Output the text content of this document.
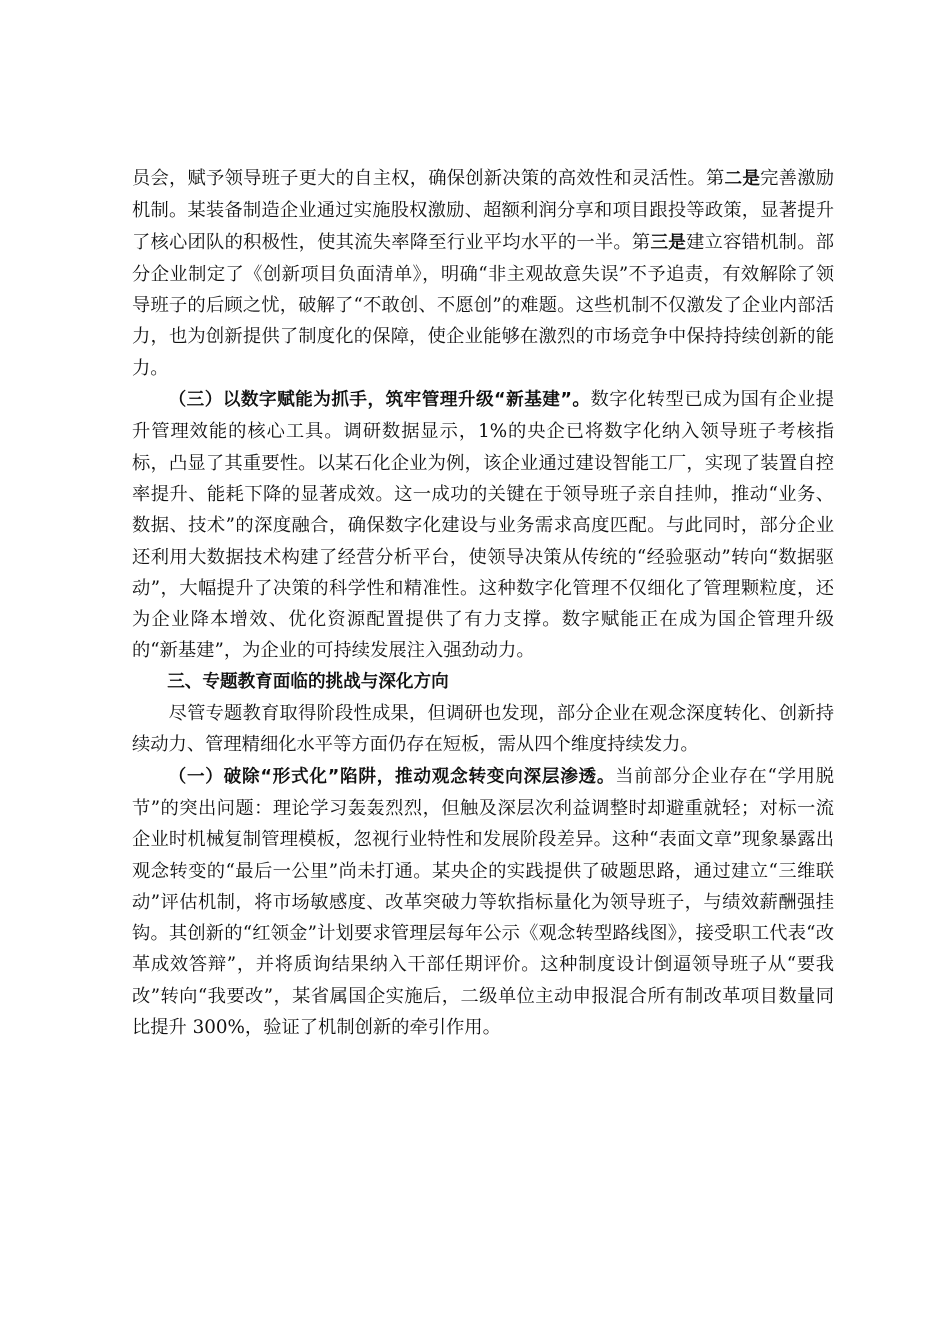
员会，赋予领导班子更大的自主权，确保创新决策的高效性和灵活性。第二是完善激励机制。某装备制造企业通过实施股权激励、超额利润分享和项目跟投等政策，显著提升了核心团队的积极性，使其流失率降至行业平均水平的一半。第三是建立容错机制。部分企业制定了《创新项目负面清单》，明确“非主观故意失误”不予追责，有效解除了领导班子的后顾之忧，破解了“不敢创、不愿创”的难题。这些机制不仅激发了企业内部活力，也为创新提供了制度化的保障，使企业能够在激烈的市场竞争中保持持续创新的能力。

（三）以数字赋能为抓手，筑牢管理升级“新基建”。数字化转型已成为国有企业提升管理效能的核心工具。调研数据显示，1%的央企已将数字化纳入领导班子考核指标，凸显了其重要性。以某石化企业为例，该企业通过建设智能工厂，实现了装置自控率提升、能耗下降的显著成效。这一成功的关键在于领导班子亲自挂帅，推动“业务、数据、技术”的深度融合，确保数字化建设与业务需求高度匹配。与此同时，部分企业还利用大数据技术构建了经营分析平台，使领导决策从传统的“经验驱动”转向“数据驱动”，大幅提升了决策的科学性和精准性。这种数字化管理不仅细化了管理颗粒度，还为企业降本增效、优化资源配置提供了有力支撑。数字赋能正在成为国企管理升级的“新基建”，为企业的可持续发展注入强劲动力。

三、专题教育面临的挑战与深化方向

尽管专题教育取得阶段性成果，但调研也发现，部分企业在观念深度转化、创新持续动力、管理精细化水平等方面仍存在短板，需从四个维度持续发力。

（一）破除“形式化”陷阱，推动观念转变向深层渗透。当前部分企业存在“学用脱节”的突出问题：理论学习轰轰烈烈，但触及深层次利益调整时却避重就轻；对标一流企业时机械复制管理模板，忽视行业特性和发展阶段差异。这种“表面文章”现象暴露出观念转变的“最后一公里”尚未打通。某央企的实践提供了破题思路，通过建立“三维联动”评估机制，将市场敏感度、改革突破力等软指标量化为领导班子，与绩效薪酬强挂钩。其创新的“红领金”计划要求管理层每年公示《观念转型路线图》，接受职工代表“改革成效答辩”，并将质询结果纳入干部任期评价。这种制度设计倒逼领导班子从“要我改”转向“我要改”，某省属国企实施后，二级单位主动申报混合所有制改革项目数量同比提升 300%，验证了机制创新的牵引作用。
